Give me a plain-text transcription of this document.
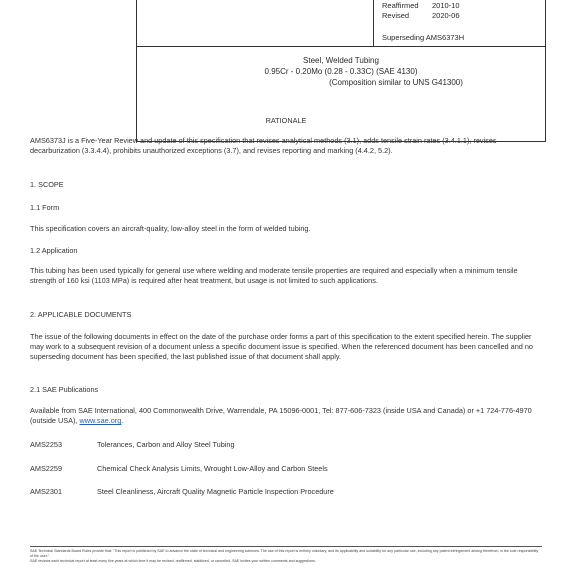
Reaffirmed 2010-10
Revised	2020-06
Superseding AMS6373H
Steel, Welded Tubing
0.95Cr - 0.20Mo (0.28 - 0.33C) (SAE 4130)
(Composition similar to UNS G41300)
RATIONALE
AMS6373J is a Five-Year Review and update of this specification that revises analytical methods (3.1), adds tensile strain rates (3.4.1.1), revises decarburization (3.3.4.4), prohibits unauthorized exceptions (3.7), and revises reporting and marking (4.4.2, 5.2).
1. SCOPE
1.1 Form
This specification covers an aircraft-quality, low-alloy steel in the form of welded tubing.
1.2 Application
This tubing has been used typically for general use where welding and moderate tensile properties are required and especially when a minimum tensile strength of 160 ksi (1103 MPa) is required after heat treatment, but usage is not limited to such applications.
2. APPLICABLE DOCUMENTS
The issue of the following documents in effect on the date of the purchase order forms a part of this specification to the extent specified herein. The supplier may work to a subsequent revision of a document unless a specific document issue is specified. When the referenced document has been cancelled and no superseding document has been specified, the last published issue of that document shall apply.
2.1 SAE Publications
Available from SAE International, 400 Commonwealth Drive, Warrendale, PA 15096-0001, Tel: 877-606-7323 (inside USA and Canada) or +1 724-776-4970 (outside USA), www.sae.org.
AMS2253	Tolerances, Carbon and Alloy Steel Tubing
AMS2259	Chemical Check Analysis Limits, Wrought Low-Alloy and Carbon Steels
AMS2301	Steel Cleanliness, Aircraft Quality Magnetic Particle Inspection Procedure
SAE Technical Standards Board Rules provide that: "This report is published by SAE to advance the state of technical and engineering sciences. The use of this report is entirely voluntary, and its applicability and suitability for any particular use, including any patent infringement arising therefrom, is the sole responsibility of the user."
SAE reviews each technical report at least every five years at which time it may be revised, reaffirmed, stabilized, or cancelled. SAE invites your written comments and suggestions.
